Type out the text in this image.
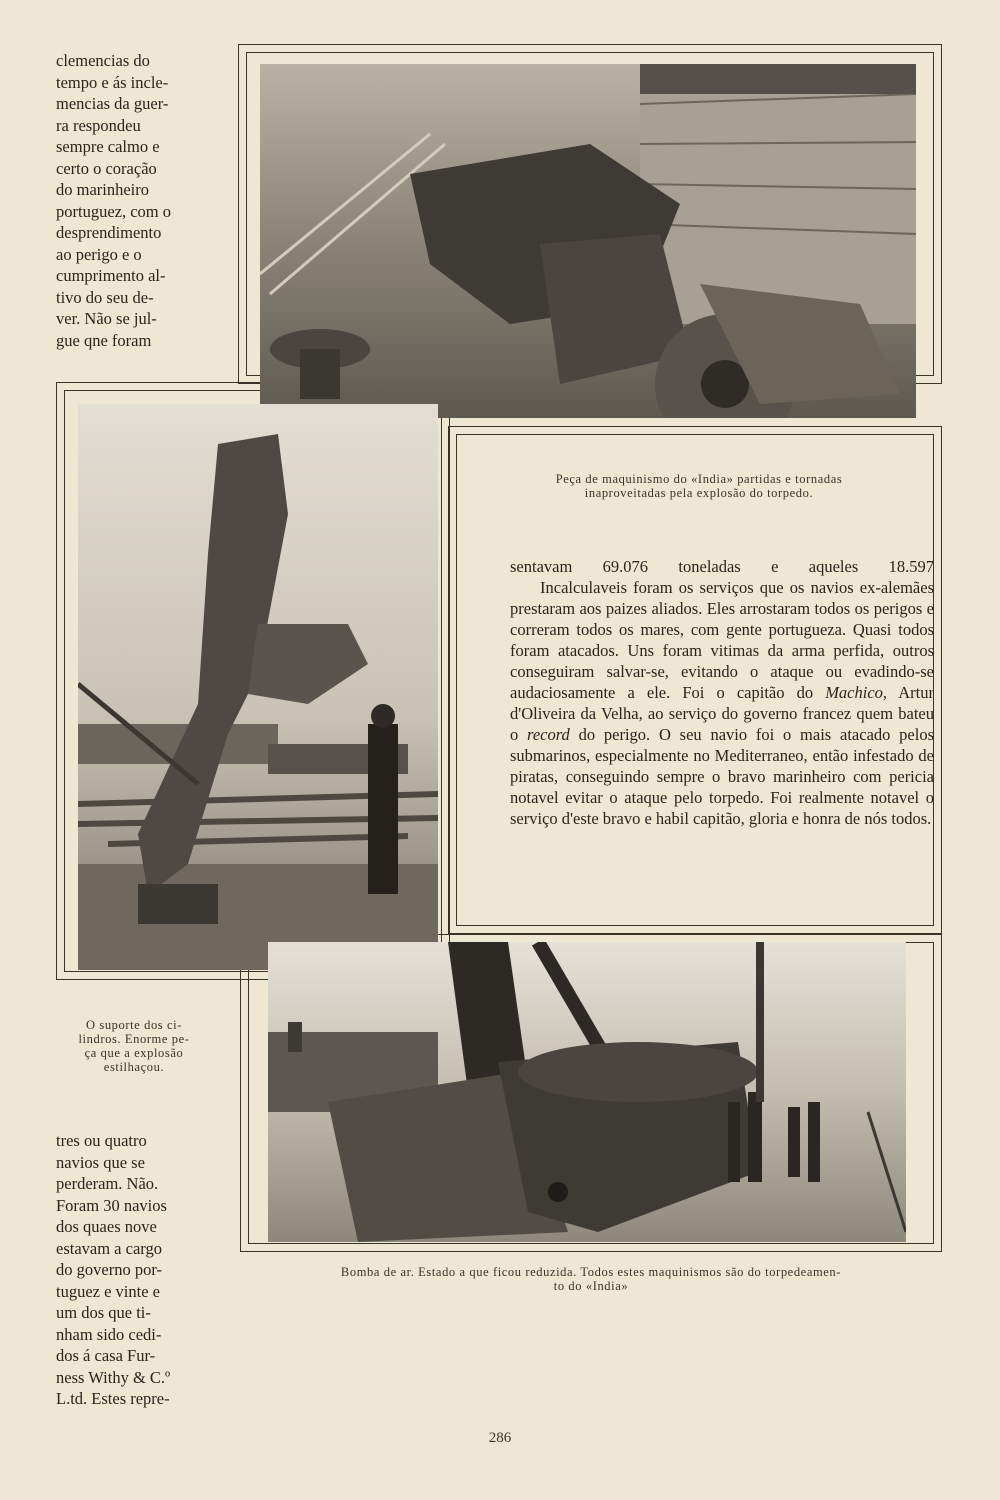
clemencias do

tempo e ás incle-

mencias da guer-

ra respondeu

sempre calmo e

certo o coração

do marinheiro

portuguez, com o

desprendimento

ao perigo e o

cumprimento al-

tivo do seu de-

ver. Não se jul-

gue qne foram

Peça de maquinismo do «India» partidas e tornadas
inaproveitadas pela explosão do torpedo.
O suporte dos ci-
lindros. Enorme pe-
ça que a explosão
estilhaçou.

sentavam 69.076 toneladas e aqueles 18.597

Incalculaveis foram os serviços que os navios ex-alemães prestaram aos paizes aliados. Eles arrostaram todos os perigos e correram todos os mares, com gente portugueza. Quasi todos foram atacados. Uns foram vitimas da arma perfida, outros conseguiram salvar-se, evitando o ataque ou evadindo-se audaciosamente a ele. Foi o capitão do Machico, Artur d'Oliveira da Velha, ao serviço do governo francez quem bateu o record do perigo. O seu navio foi o mais atacado pelos submarinos, especialmente no Mediterraneo, então infestado de piratas, conseguindo sempre o bravo marinheiro com pericia notavel evitar o ataque pelo torpedo. Foi realmente notavel o serviço d'este bravo e habil capitão, gloria e honra de nós todos.

tres ou quatro

navios que se

perderam. Não.

Foram 30 navios

dos quaes nove

estavam a cargo

do governo por-

tuguez e vinte e

um dos que ti-

nham sido cedi-

dos á casa Fur-

ness Withy & C.º

L.td. Estes repre-

Bomba de ar. Estado a que ficou reduzida. Todos estes maquinismos são do torpedeamen-
to do «India»
286
